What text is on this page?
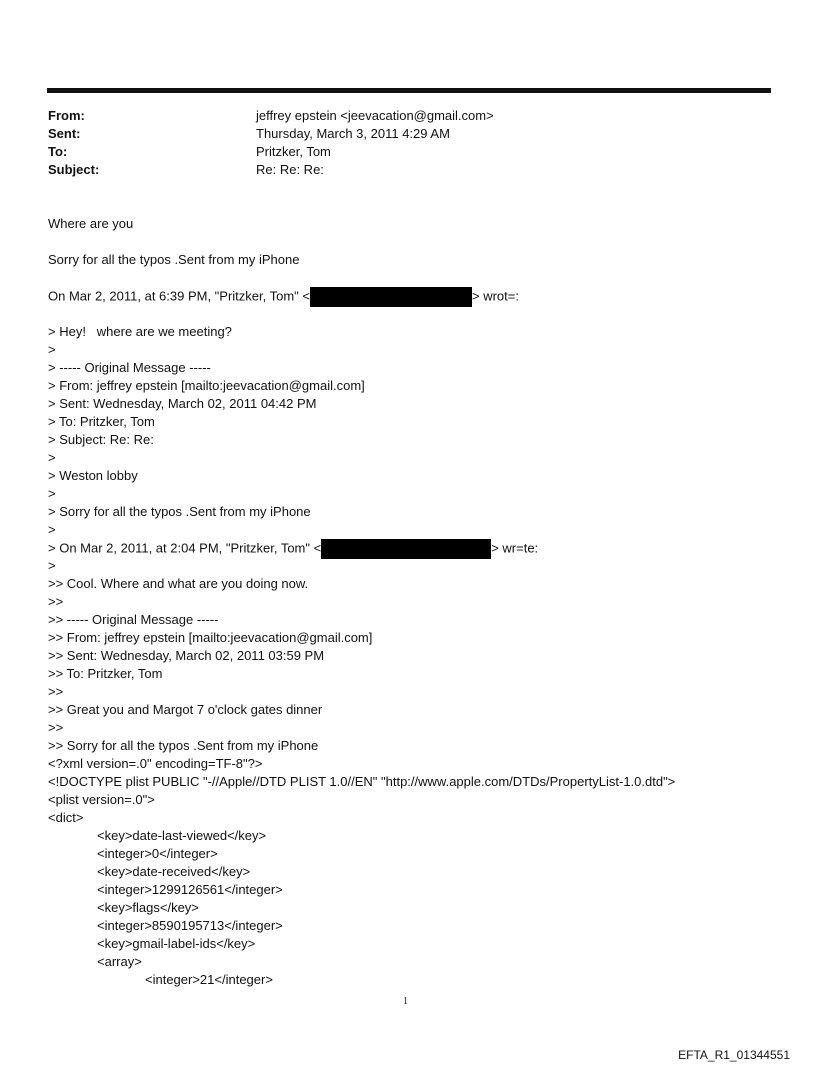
From:	jeffrey epstein <jeevacation@gmail.com>
Sent:	Thursday, March 3, 2011 4:29 AM
To:	Pritzker, Tom
Subject:	Re: Re: Re:
Where are you
Sorry for all the typos .Sent from my iPhone
On Mar 2, 2011, at 6:39 PM, "Pritzker, Tom" <	> wrot=:
> Hey!   where are we meeting?
>
> ----- Original Message -----
> From: jeffrey epstein [mailto:jeevacation@gmail.com]
> Sent: Wednesday, March 02, 2011 04:42 PM
> To: Pritzker, Tom
> Subject: Re: Re:
>
> Weston lobby
>
> Sorry for all the typos .Sent from my iPhone
>
> On Mar 2, 2011, at 2:04 PM, "Pritzker, Tom" <	> wr=te:
>
>> Cool. Where and what are you doing now.
>>
>> ----- Original Message -----
>> From: jeffrey epstein [mailto:jeevacation@gmail.com]
>> Sent: Wednesday, March 02, 2011 03:59 PM
>> To: Pritzker, Tom
>>
>> Great you and Margot 7 o'clock gates dinner
>>
>> Sorry for all the typos .Sent from my iPhone
<?xml version=.0" encoding=TF-8"?>
<!DOCTYPE plist PUBLIC "-//Apple//DTD PLIST 1.0//EN" "http://www.apple.com/DTDs/PropertyList-1.0.dtd">
<plist version=.0">
<dict>
<key>date-last-viewed</key>
<integer>0</integer>
<key>date-received</key>
<integer>1299126561</integer>
<key>flags</key>
<integer>8590195713</integer>
<key>gmail-label-ids</key>
<array>
<integer>21</integer>
1
EFTA_R1_01344551
